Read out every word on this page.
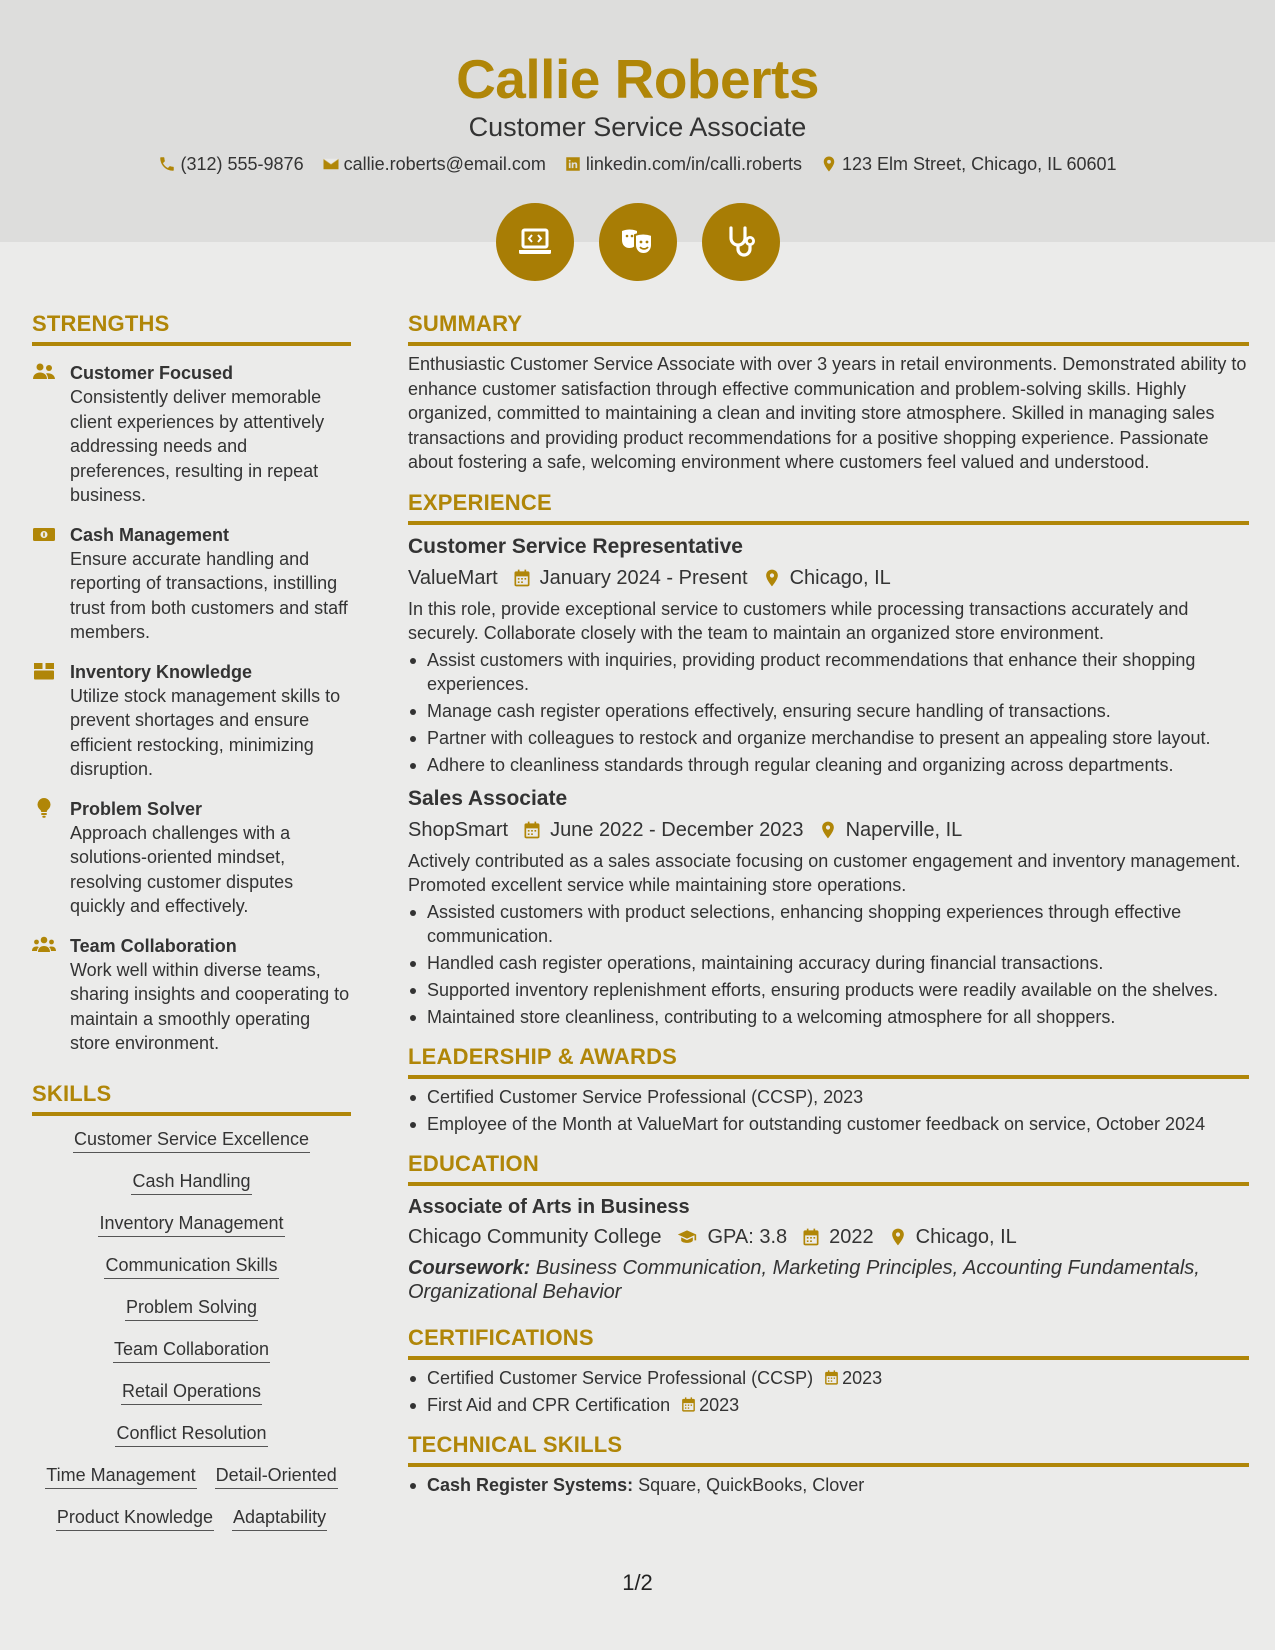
Callie Roberts
Customer Service Associate
(312) 555-9876 callie.roberts@email.com linkedin.com/in/calli.roberts 123 Elm Street, Chicago, IL 60601
STRENGTHS
Customer Focused
Consistently deliver memorable client experiences by attentively addressing needs and preferences, resulting in repeat business.
Cash Management
Ensure accurate handling and reporting of transactions, instilling trust from both customers and staff members.
Inventory Knowledge
Utilize stock management skills to prevent shortages and ensure efficient restocking, minimizing disruption.
Problem Solver
Approach challenges with a solutions-oriented mindset, resolving customer disputes quickly and effectively.
Team Collaboration
Work well within diverse teams, sharing insights and cooperating to maintain a smoothly operating store environment.
SKILLS
Customer Service Excellence
Cash Handling
Inventory Management
Communication Skills
Problem Solving
Team Collaboration
Retail Operations
Conflict Resolution
Time Management Detail-Oriented
Product Knowledge Adaptability
SUMMARY
Enthusiastic Customer Service Associate with over 3 years in retail environments. Demonstrated ability to enhance customer satisfaction through effective communication and problem-solving skills. Highly organized, committed to maintaining a clean and inviting store atmosphere. Skilled in managing sales transactions and providing product recommendations for a positive shopping experience. Passionate about fostering a safe, welcoming environment where customers feel valued and understood.
EXPERIENCE
Customer Service Representative
ValueMart January 2024 - Present Chicago, IL
In this role, provide exceptional service to customers while processing transactions accurately and securely. Collaborate closely with the team to maintain an organized store environment.
Assist customers with inquiries, providing product recommendations that enhance their shopping experiences.
Manage cash register operations effectively, ensuring secure handling of transactions.
Partner with colleagues to restock and organize merchandise to present an appealing store layout.
Adhere to cleanliness standards through regular cleaning and organizing across departments.
Sales Associate
ShopSmart June 2022 - December 2023 Naperville, IL
Actively contributed as a sales associate focusing on customer engagement and inventory management. Promoted excellent service while maintaining store operations.
Assisted customers with product selections, enhancing shopping experiences through effective communication.
Handled cash register operations, maintaining accuracy during financial transactions.
Supported inventory replenishment efforts, ensuring products were readily available on the shelves.
Maintained store cleanliness, contributing to a welcoming atmosphere for all shoppers.
LEADERSHIP & AWARDS
Certified Customer Service Professional (CCSP), 2023
Employee of the Month at ValueMart for outstanding customer feedback on service, October 2024
EDUCATION
Associate of Arts in Business
Chicago Community College GPA: 3.8 2022 Chicago, IL
Coursework: Business Communication, Marketing Principles, Accounting Fundamentals, Organizational Behavior
CERTIFICATIONS
Certified Customer Service Professional (CCSP) 2023
First Aid and CPR Certification 2023
TECHNICAL SKILLS
Cash Register Systems: Square, QuickBooks, Clover
1/2
